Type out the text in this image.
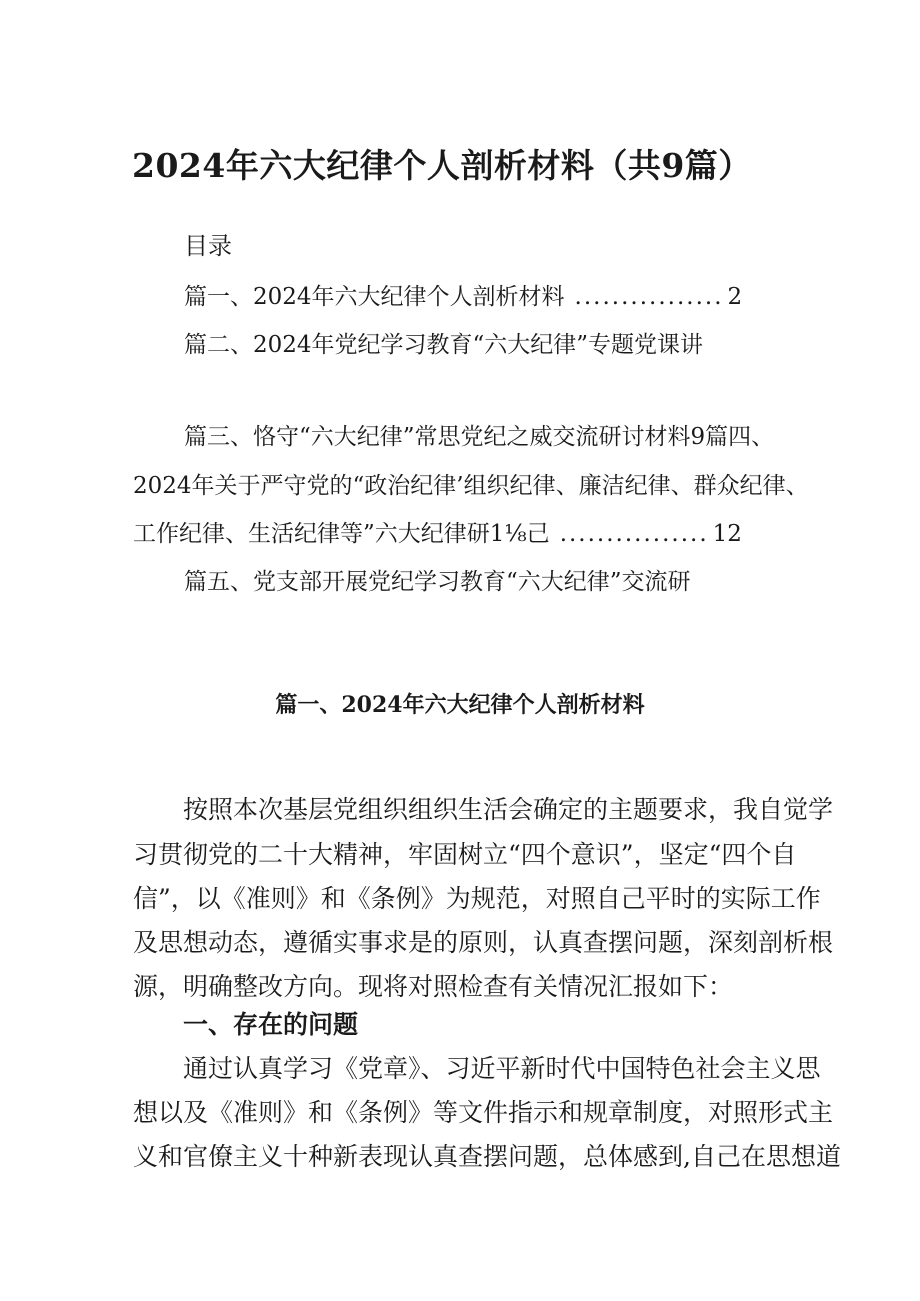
2024年六大纪律个人剖析材料（共9篇）
目录
篇一、2024年六大纪律个人剖析材料 ................ 2
篇二、2024年党纪学习教育“六大纪律”专题党课讲
篇三、恪守“六大纪律”常思党纪之威交流研讨材料9篇四、
2024年关于严守党的“政治纪律’组织纪律、廉洁纪律、群众纪律、
工作纪律、生活纪律等”六大纪律研1⅛己 ................ 12
篇五、党支部开展党纪学习教育“六大纪律”交流研
篇一、2024年六大纪律个人剖析材料
按照本次基层党组织组织生活会确定的主题要求，我自觉学
习贯彻党的二十大精神，牢固树立“四个意识”，坚定“四个自
信”，以《准则》和《条例》为规范，对照自己平时的实际工作
及思想动态，遵循实事求是的原则，认真查摆问题，深刻剖析根
源，明确整改方向。现将对照检查有关情况汇报如下：
一、存在的问题
通过认真学习《党章》、习近平新时代中国特色社会主义思
想以及《准则》和《条例》等文件指示和规章制度，对照形式主
义和官僚主义十种新表现认真查摆问题，总体感到,自己在思想道
